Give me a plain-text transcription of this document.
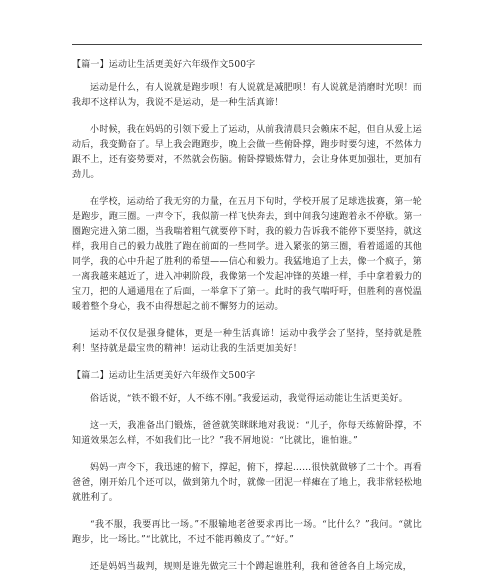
【篇一】运动让生活更美好六年级作文500字

运动是什么，有人说就是跑步呗！有人说就是减肥呗！有人说就是消磨时光呗！而我却不这样认为，我说不是运动，是一种生活真谛！

小时候，我在妈妈的引领下爱上了运动，从前我清晨只会赖床不起，但自从爱上运动后，我变勤奋了。早上我会跑跑步，晚上会做一些俯卧撑，跑步时要匀速，不然体力跟不上，还有姿势要对，不然就会伤脑。俯卧撑锻炼臂力，会让身体更加强壮，更加有劲儿。

在学校，运动给了我无穷的力量，在五月下旬时，学校开展了足球选拔赛，第一轮是跑步，跑三圈。一声令下，我似箭一样飞快奔去，到中间我匀速跑着永不停歇。第一圈跑完进入第二圈，当我喘着粗气就要停下时，我的毅力告诉我不能停下要坚持，就这样，我用自己的毅力战胜了跑在前面的一些同学。进入紧张的第三圈，看着遥遥的其他同学，我的心中升起了胜利的希望——信心和毅力。我猛地追了上去，像一个疯子，第一离我越来越近了，进入冲刺阶段，我像第一个发起冲锋的英雄一样，手中拿着毅力的宝刀，把的人通通甩在了后面，一举拿下了第一。此时的我气喘吁吁，但胜利的喜悦温暖着整个身心，我不由得想起之前不懈努力的运动。

运动不仅仅是强身健体，更是一种生活真谛！运动中我学会了坚持，坚持就是胜利！坚持就是最宝贵的精神！运动让我的生活更加美好！

【篇二】运动让生活更美好六年级作文500字

俗话说，“铁不锻不好，人不练不刚。”我爱运动，我觉得运动能让生活更美好。

这一天，我准备出门锻炼，爸爸就笑眯眯地对我说：“儿子，你每天练俯卧撑，不知道效果怎么样，不如我们比一比？”我不屑地说：“比就比，谁怕谁。”

妈妈一声令下，我迅速的俯下，撑起，俯下，撑起……很快就做够了二十个。再看爸爸，刚开始几个还可以，做到第九个时，就像一团泥一样瘫在了地上，我非常轻松地就胜利了。

“我不服，我要再比一场。”不服输地老爸要求再比一场。“比什么？”我问。“就比跑步，比一场比。”“比就比，不过不能再赖皮了。”“好。”

还是妈妈当裁判，规则是谁先做完三十个蹲起谁胜利，我和爸爸各自上场完成，
